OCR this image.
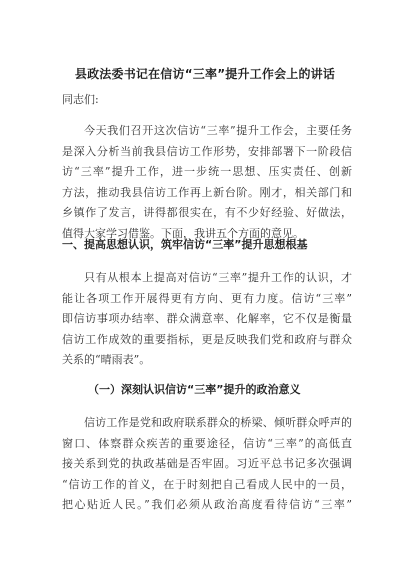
县政法委书记在信访“三率”提升工作会上的讲话
同志们:
今天我们召开这次信访“三率”提升工作会，主要任务
是深入分析当前我县信访工作形势，安排部署下一阶段信
访“三率”提升工作，进一步统一思想、压实责任、创新
方法，推动我县信访工作再上新台阶。刚才，相关部门和
乡镇作了发言，讲得都很实在，有不少好经验、好做法，
值得大家学习借鉴。下面，我讲五个方面的意见。
一、提高思想认识，筑牢信访“三率”提升思想根基
只有从根本上提高对信访“三率”提升工作的认识，才
能让各项工作开展得更有方向、更有力度。信访“三率”
即信访事项办结率、群众满意率、化解率，它不仅是衡量
信访工作成效的重要指标，更是反映我们党和政府与群众
关系的“晴雨表”。
（一）深刻认识信访“三率”提升的政治意义
信访工作是党和政府联系群众的桥梁、倾听群众呼声的
窗口、体察群众疾苦的重要途径，信访“三率”的高低直
接关系到党的执政基础是否牢固。习近平总书记多次强调
“信访工作的首义，在于时刻把自己看成人民中的一员，
把心贴近人民。”我们必须从政治高度看待信访“三率”
